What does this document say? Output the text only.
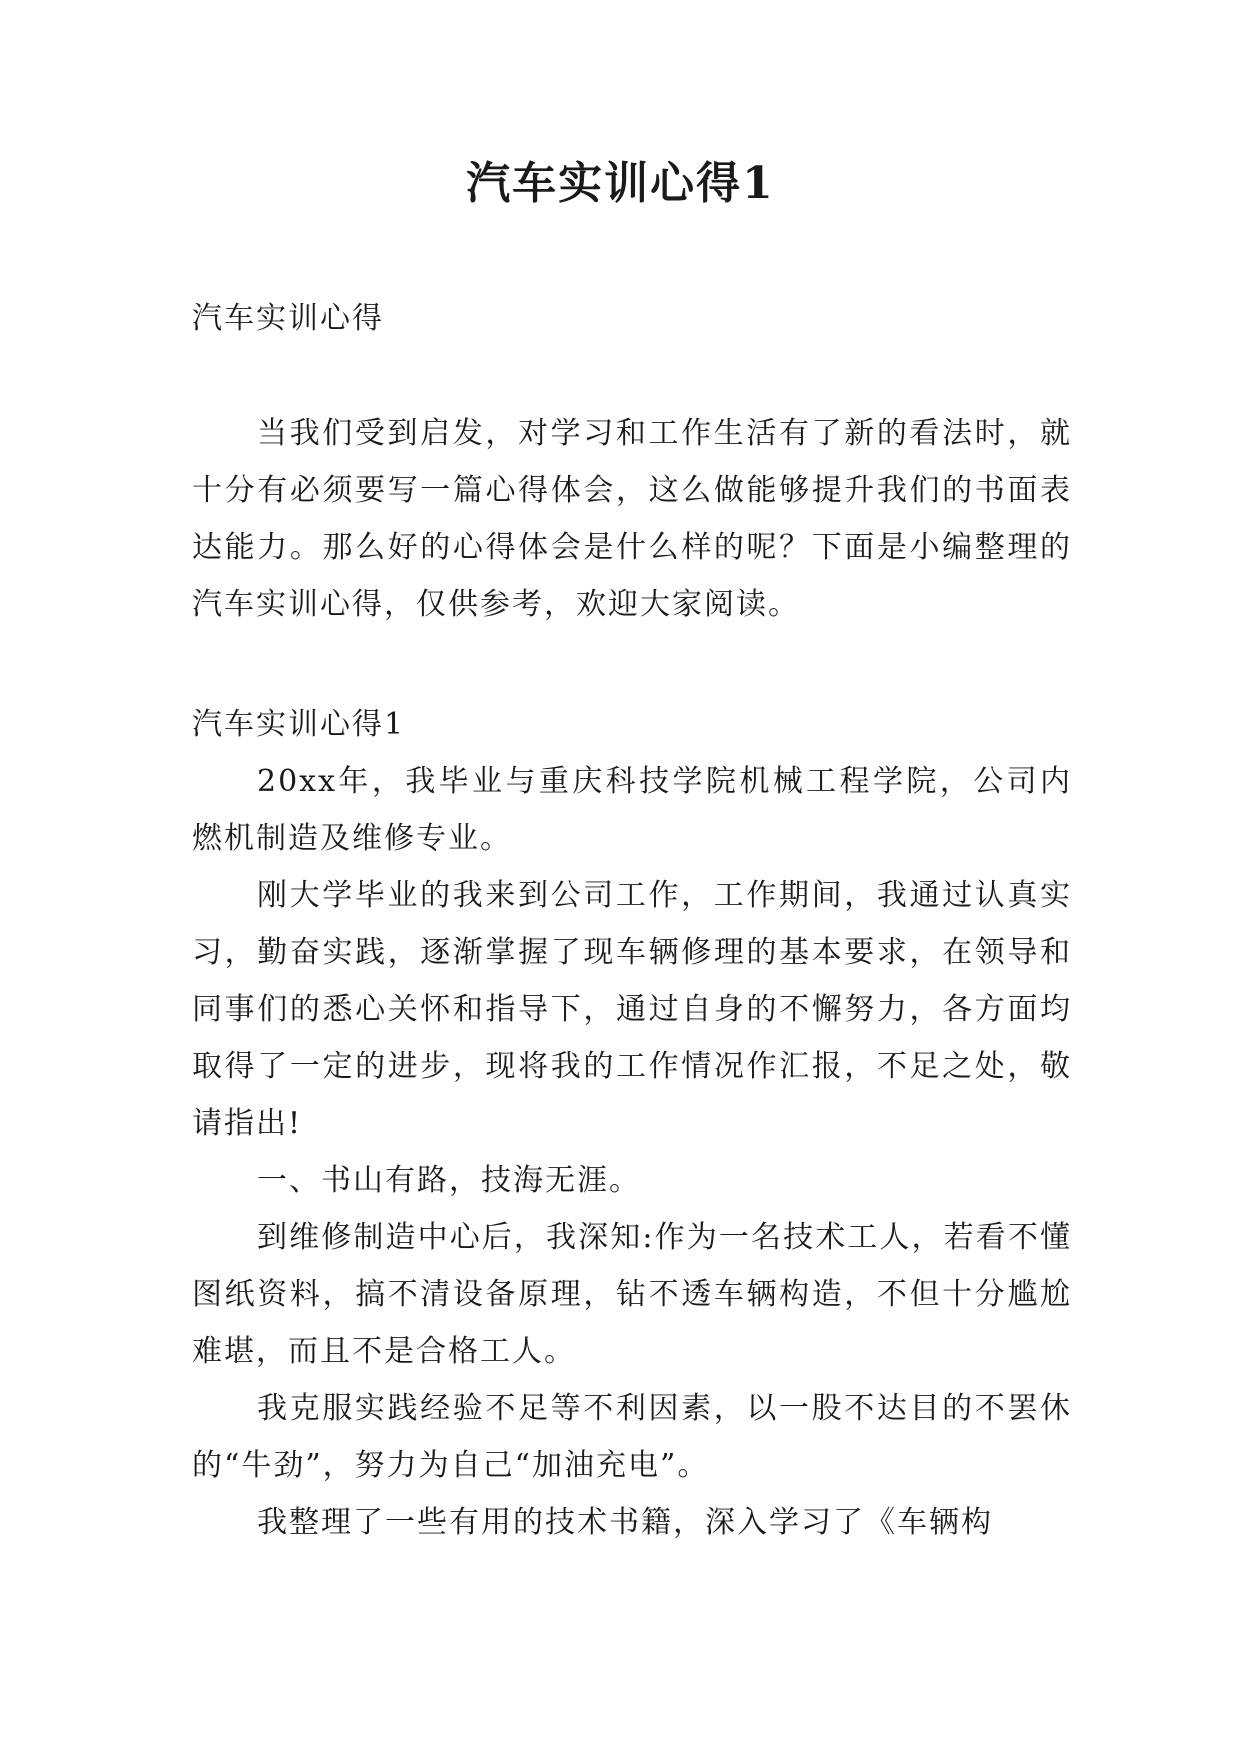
汽车实训心得1
汽车实训心得

当我们受到启发，对学习和工作生活有了新的看法时，就十分有必须要写一篇心得体会，这么做能够提升我们的书面表达能力。那么好的心得体会是什么样的呢？下面是小编整理的汽车实训心得，仅供参考，欢迎大家阅读。

汽车实训心得1

20xx年，我毕业与重庆科技学院机械工程学院，公司内燃机制造及维修专业。

刚大学毕业的我来到公司工作，工作期间，我通过认真实习，勤奋实践，逐渐掌握了现车辆修理的基本要求，在领导和同事们的悉心关怀和指导下，通过自身的不懈努力，各方面均取得了一定的进步，现将我的工作情况作汇报，不足之处，敬请指出!

一、书山有路，技海无涯。

到维修制造中心后，我深知:作为一名技术工人，若看不懂图纸资料，搞不清设备原理，钻不透车辆构造，不但十分尴尬难堪，而且不是合格工人。

我克服实践经验不足等不利因素，以一股不达目的不罢休的“牛劲”，努力为自己“加油充电”。

我整理了一些有用的技术书籍，深入学习了《车辆构
